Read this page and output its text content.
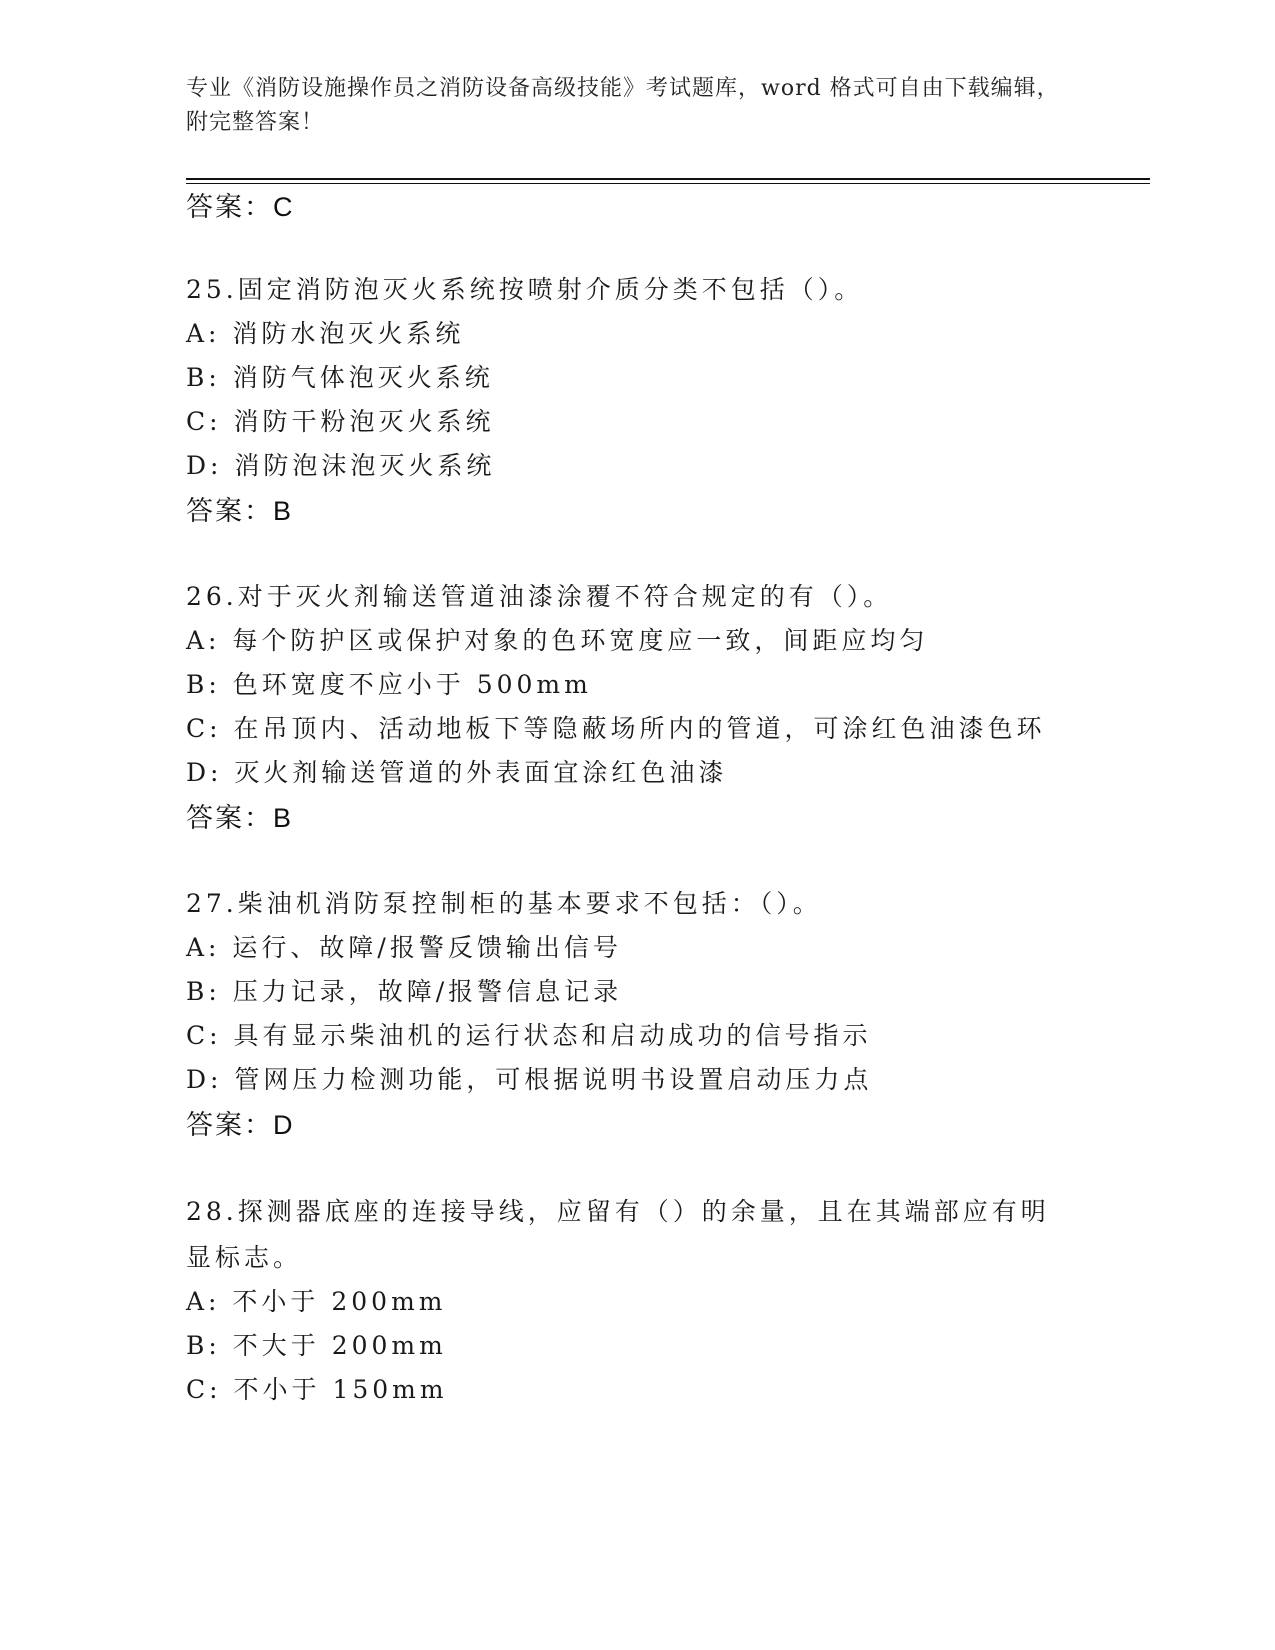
专业《消防设施操作员之消防设备高级技能》考试题库，word 格式可自由下载编辑，附完整答案！
答案：C
25.固定消防泡灭火系统按喷射介质分类不包括（）。
A: 消防水泡灭火系统
B: 消防气体泡灭火系统
C: 消防干粉泡灭火系统
D: 消防泡沫泡灭火系统
答案：B
26.对于灭火剂输送管道油漆涂覆不符合规定的有（）。
A: 每个防护区或保护对象的色环宽度应一致，间距应均匀
B: 色环宽度不应小于 500mm
C: 在吊顶内、活动地板下等隐蔽场所内的管道，可涂红色油漆色环
D: 灭火剂输送管道的外表面宜涂红色油漆
答案：B
27.柴油机消防泵控制柜的基本要求不包括：（）。
A: 运行、故障/报警反馈输出信号
B: 压力记录，故障/报警信息记录
C: 具有显示柴油机的运行状态和启动成功的信号指示
D: 管网压力检测功能，可根据说明书设置启动压力点
答案：D
28.探测器底座的连接导线，应留有（）的余量，且在其端部应有明显标志。
A: 不小于 200mm
B: 不大于 200mm
C: 不小于 150mm
